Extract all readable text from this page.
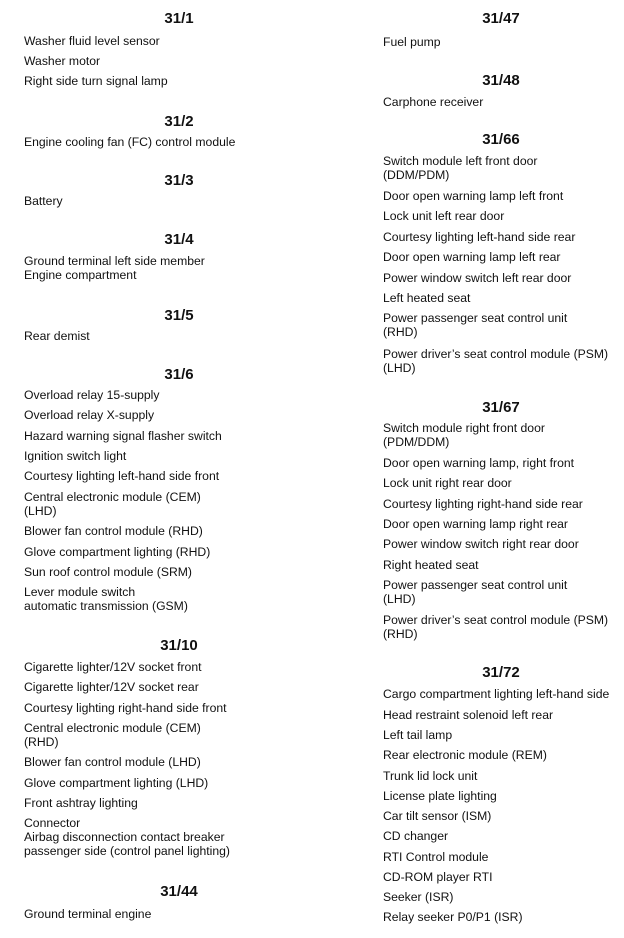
31/1
Washer fluid level sensor
Washer motor
Right side turn signal lamp
31/2
Engine cooling fan (FC) control module
31/3
Battery
31/4
Ground terminal left side member
Engine compartment
31/5
Rear demist
31/6
Overload relay 15-supply
Overload relay X-supply
Hazard warning signal flasher switch
Ignition switch light
Courtesy lighting left-hand side front
Central electronic module (CEM)
(LHD)
Blower fan control module (RHD)
Glove compartment lighting (RHD)
Sun roof control module (SRM)
Lever module switch
automatic transmission (GSM)
31/10
Cigarette lighter/12V socket front
Cigarette lighter/12V socket rear
Courtesy lighting right-hand side front
Central electronic module (CEM)
(RHD)
Blower fan control module (LHD)
Glove compartment lighting (LHD)
Front ashtray lighting
Connector
Airbag disconnection contact breaker
passenger side (control panel lighting)
31/44
Ground terminal engine
31/47
Fuel pump
31/48
Carphone receiver
31/66
Switch module left front door
(DDM/PDM)
Door open warning lamp left front
Lock unit left rear door
Courtesy lighting left-hand side rear
Door open warning lamp left rear
Power window switch left rear door
Left heated seat
Power passenger seat control unit
(RHD)
Power driver’s seat control module (PSM)
(LHD)
31/67
Switch module right front door
(PDM/DDM)
Door open warning lamp, right front
Lock unit right rear door
Courtesy lighting right-hand side rear
Door open warning lamp right rear
Power window switch right rear door
Right heated seat
Power passenger seat control unit
(LHD)
Power driver’s seat control module (PSM)
(RHD)
31/72
Cargo compartment lighting left-hand side
Head restraint solenoid left rear
Left tail lamp
Rear electronic module (REM)
Trunk lid lock unit
License plate lighting
Car tilt sensor (ISM)
CD changer
RTI Control module
CD-ROM player RTI
Seeker (ISR)
Relay seeker P0/P1 (ISR)
